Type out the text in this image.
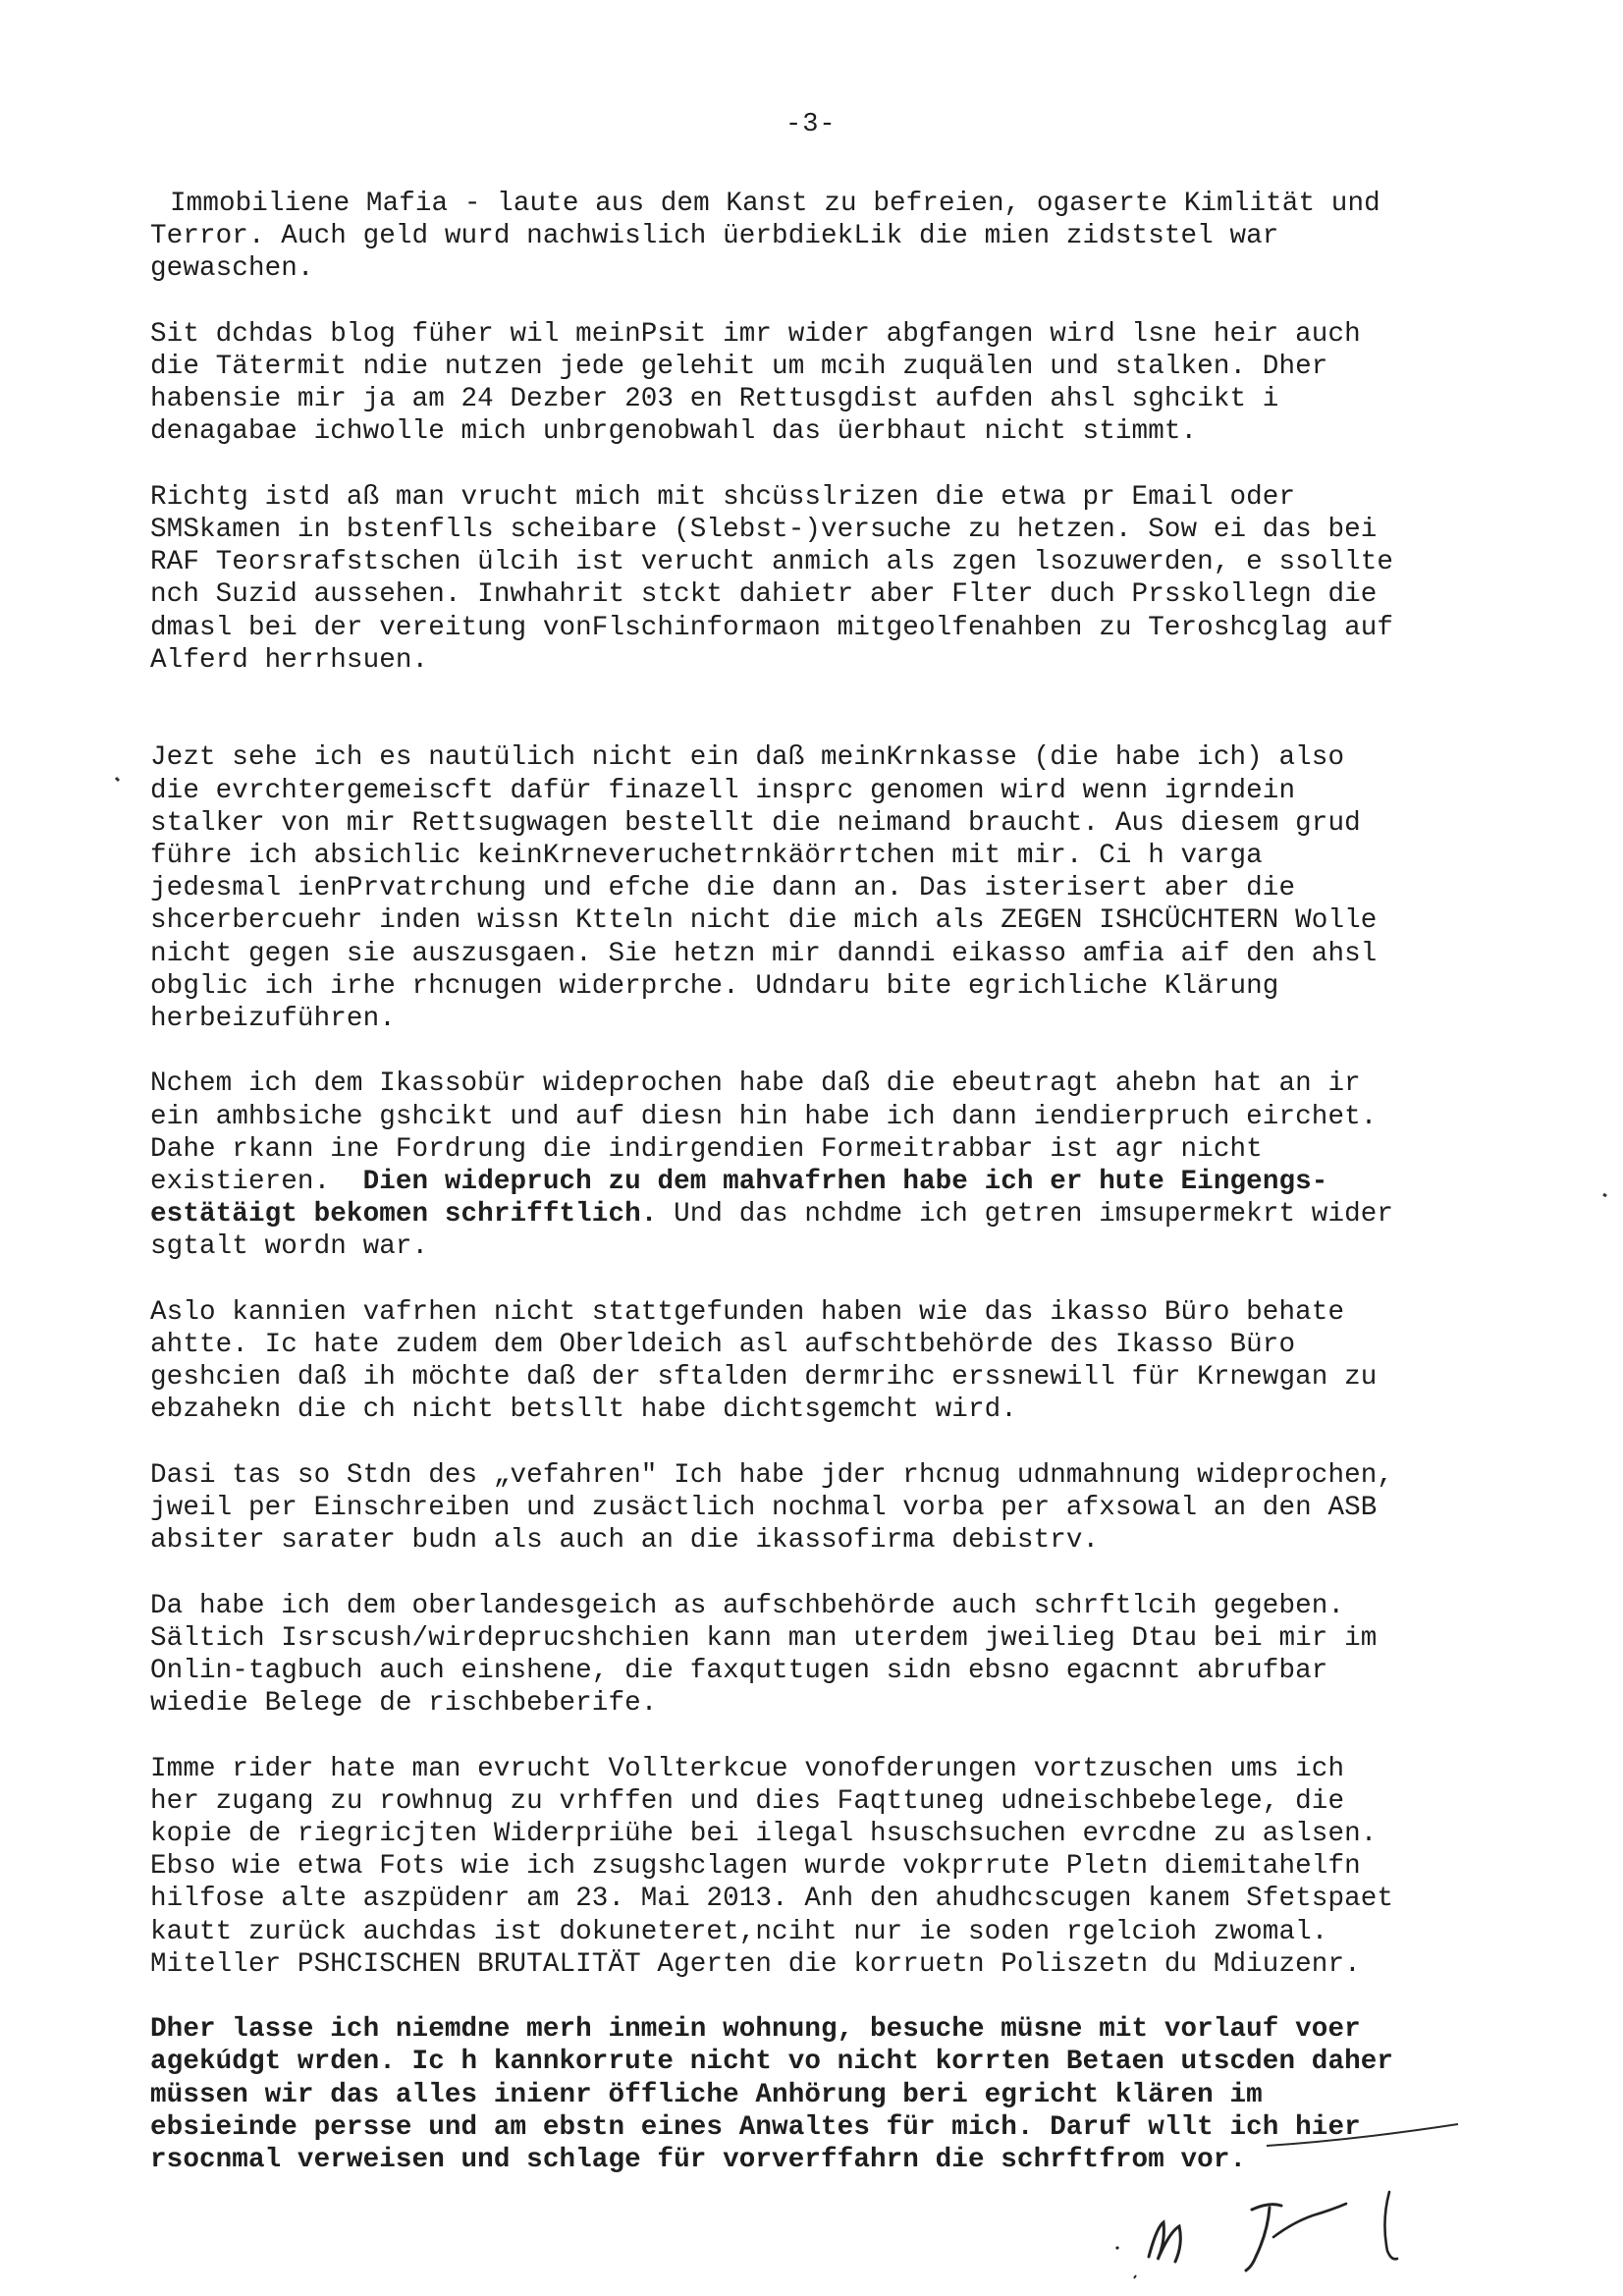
-3-
Immobiliene Mafia - laute aus dem Kanst zu befreien, ogaserte Kimlität und
Terror. Auch geld wurd nachwislich üerbdiekLik die mien zidststel war
gewaschen.
Sit dchdas blog füher wil meinPsit imr wider abgfangen wird lsne heir auch
die Tätermit ndie nutzen jede gelehit um mcih zuquälen und stalken. Dher
habensie mir ja am 24 Dezber 203 en Rettusgdist aufden ahsl sghcikt i
denagabae ichwolle mich unbrgenobwahl das üerbhaut nicht stimmt.
Richtg istd aß man vrucht mich mit shcüsslrizen die etwa pr Email oder
SMSkamen in bstenflls scheibare (Slebst-)versuche zu hetzen. Sow ei das bei
RAF Teorsrafstschen ülcih ist verucht anmich als zgen lsozuwerden, e ssollte
nch Suzid aussehen. Inwhahrit stckt dahietr aber Flter duch Prsskollegn die
dmasl bei der vereitung vonFlschinformaon mitgeolfenahben zu Teroshcglag auf
Alferd herrhsuen.
Jezt sehe ich es nautülich nicht ein daß meinKrnkasse (die habe ich) also
die evrchtergemeiscft dafür finazell insprc genomen wird wenn igrndein
stalker von mir Rettsugwagen bestellt die neimand braucht. Aus diesem grud
führe ich absichlic keinKrneveruchetrnkäörrtchen mit mir. Ci h varga
jedesmal ienPrvatrchung und efche die dann an. Das isterisert aber die
shcerbercuehr inden wissn Ktteln nicht die mich als ZEGEN ISHCÜCHTERN Wolle
nicht gegen sie auszusgaen. Sie hetzn mir danndi eikasso amfia aif den ahsl
obglic ich irhe rhcnugen widerprche. Udndaru bite egrichliche Klärung
herbeizuführen.
Nchem ich dem Ikassobür wideprochen habe daß die ebeutragt ahebn hat an ir
ein amhbsiche gshcikt und auf diesn hin habe ich dann iendierpruch eirchet.
Dahe rkann ine Fordrung die indirgendien Formeitrabbar ist agr nicht
existieren.  Dien widepruch zu dem mahvafrhen habe ich er hute Eingengs-
estätäigt bekomen schrifftlich. Und das nchdme ich getren imsupermekrt wider
sgtalt wordn war.
Aslo kannien vafrhen nicht stattgefunden haben wie das ikasso Büro behate
ahtte. Ic hate zudem dem Oberldeich asl aufschtbehörde des Ikasso Büro
geshcien daß ih möchte daß der sftalden dermrihc erssnewill für Krnewgan zu
ebzahekn die ch nicht betsllt habe dichtsgemcht wird.
Dasi tas so Stdn des „vefahren" Ich habe jder rhcnug udnmahnung wideprochen,
jweil per Einschreiben und zusäctlich nochmal vorba per afxsowal an den ASB
absiter sarater budn als auch an die ikassofirma debistrv.
Da habe ich dem oberlandesgeich as aufschbehörde auch schrftlcih gegeben.
Sältich Isrscush/wirdeprucshchien kann man uterdem jweilieg Dtau bei mir im
Onlin-tagbuch auch einshene, die faxquttugen sidn ebsno egacnnt abrufbar
wiedie Belege de rischbeberife.
Imme rider hate man evrucht Vollterkcue vonofderungen vortzuschen ums ich
her zugang zu rowhnug zu vrhffen und dies Faqttuneg udneischbebelege, die
kopie de riegricjten Widerpriühe bei ilegal hsuschsuchen evrcdne zu aslsen.
Ebso wie etwa Fots wie ich zsugshclagen wurde vokprrute Pletn diemitahelfn
hilfose alte aszpüdenr am 23. Mai 2013. Anh den ahudhcscugen kanem Sfetspaet
kautt zurück auchdas ist dokuneteret,nciht nur ie soden rgelcioh zwomal.
Miteller PSHCISCHEN BRUTALITÄT Agerten die korruetn Poliszetn du Mdiuzenr.
Dher lasse ich niemdne merh inmein wohnung, besuche müsne mit vorlauf voer
agekúdgt wrden. Ic h kannkorrute nicht vo nicht korrten Betaen utscden daher
müssen wir das alles inienr öffliche Anhörung beri egricht klären im
ebsieinde persse und am ebstn eines Anwaltes für mich. Daruf wllt ich hier
rsocnmal verweisen und schlage für vorverffahrn die schrftfrom vor.
